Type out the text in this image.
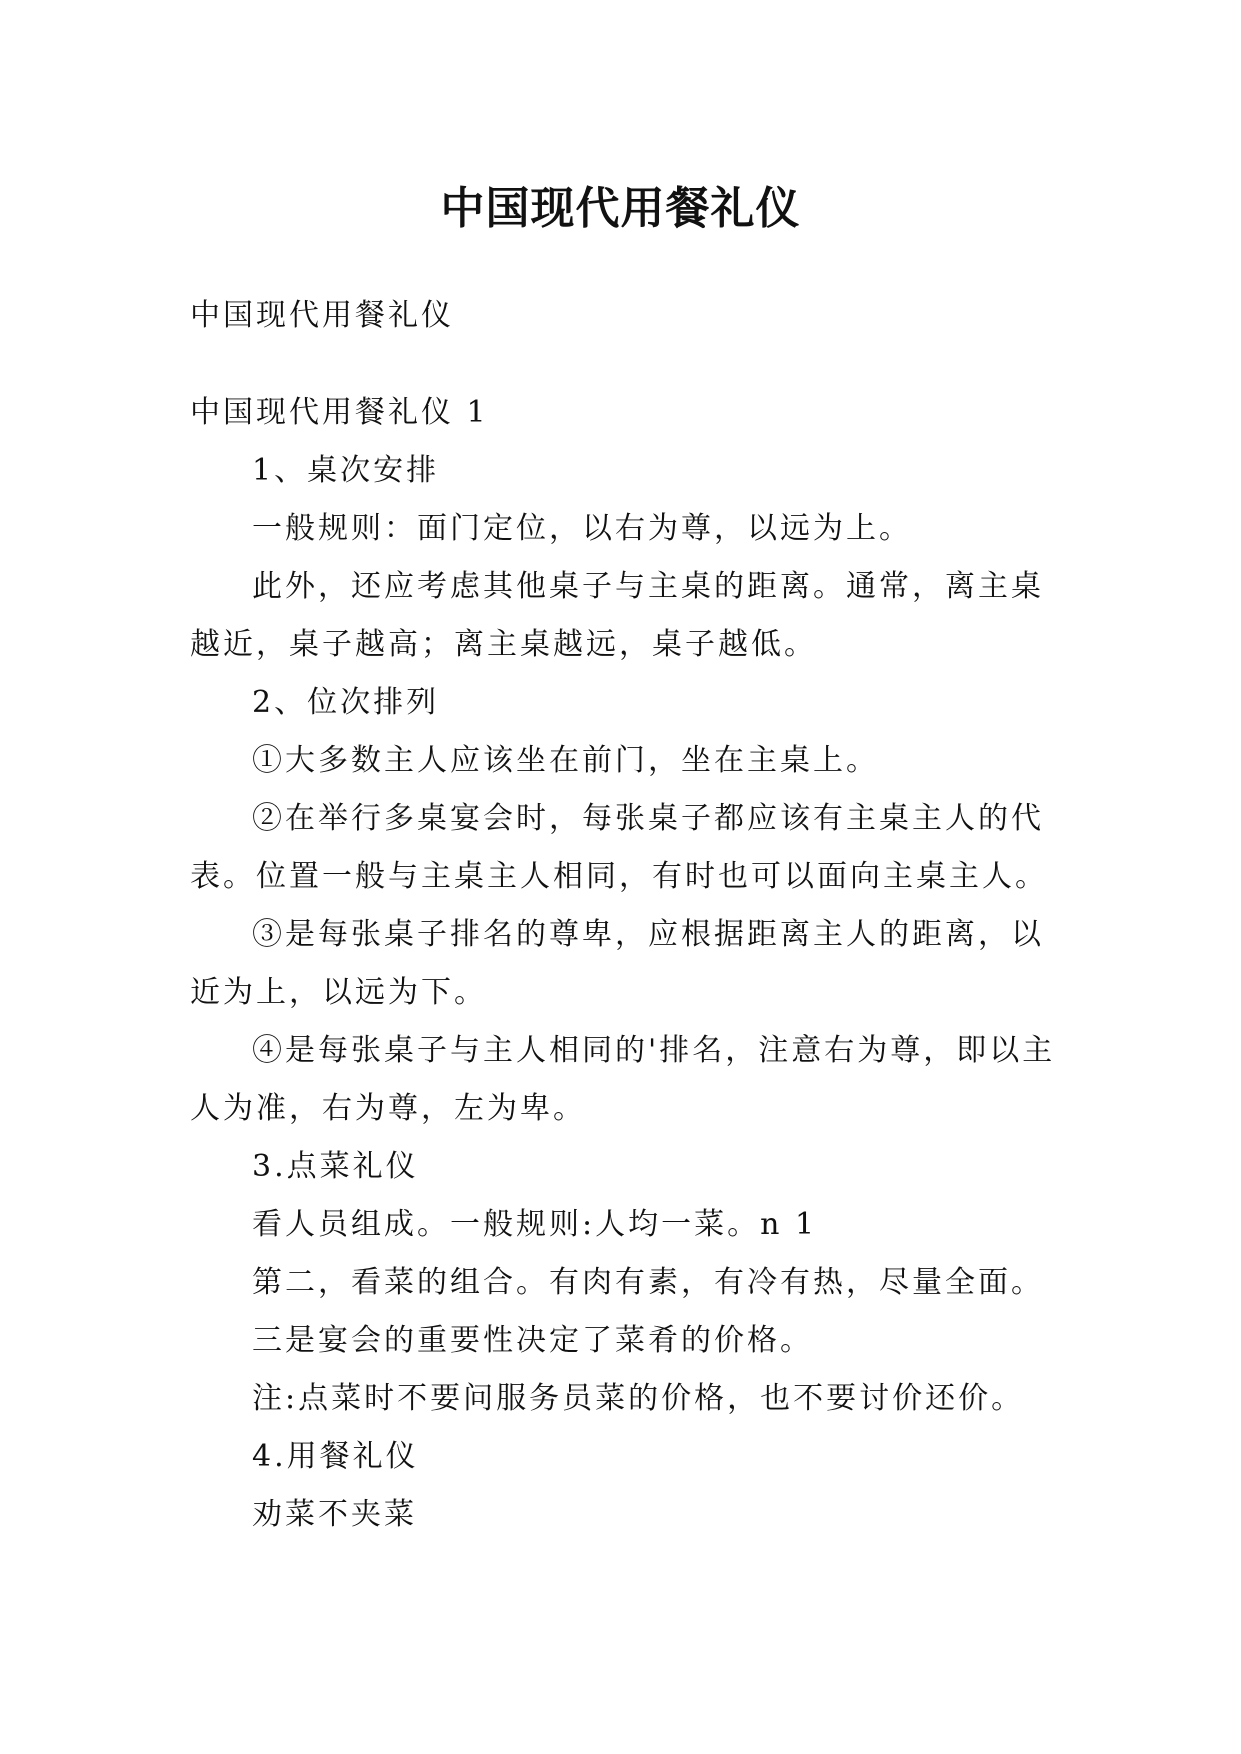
中国现代用餐礼仪

中国现代用餐礼仪

中国现代用餐礼仪 1

1、桌次安排

一般规则：面门定位，以右为尊，以远为上。

此外，还应考虑其他桌子与主桌的距离。通常，离主桌越近，桌子越高；离主桌越远，桌子越低。

2、位次排列

①大多数主人应该坐在前门，坐在主桌上。

②在举行多桌宴会时，每张桌子都应该有主桌主人的代表。位置一般与主桌主人相同，有时也可以面向主桌主人。

③是每张桌子排名的尊卑，应根据距离主人的距离，以近为上，以远为下。

④是每张桌子与主人相同的'排名，注意右为尊，即以主人为准，右为尊，左为卑。

3.点菜礼仪

看人员组成。一般规则:人均一菜。n 1

第二，看菜的组合。有肉有素，有冷有热，尽量全面。

三是宴会的重要性决定了菜肴的价格。

注:点菜时不要问服务员菜的价格，也不要讨价还价。

4.用餐礼仪

劝菜不夹菜
